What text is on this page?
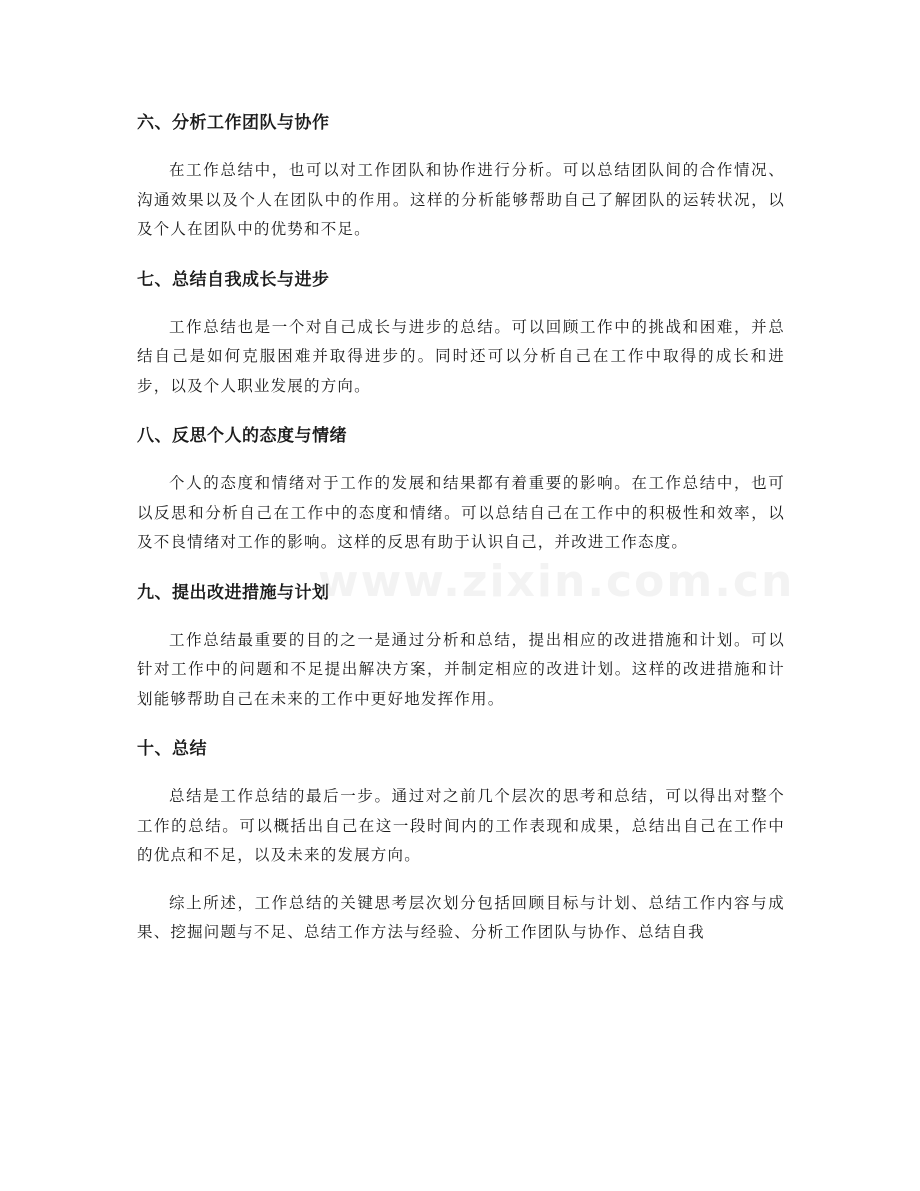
六、分析工作团队与协作

在工作总结中，也可以对工作团队和协作进行分析。可以总结团队间的合作情况、沟通效果以及个人在团队中的作用。这样的分析能够帮助自己了解团队的运转状况，以及个人在团队中的优势和不足。

七、总结自我成长与进步

工作总结也是一个对自己成长与进步的总结。可以回顾工作中的挑战和困难，并总结自己是如何克服困难并取得进步的。同时还可以分析自己在工作中取得的成长和进步，以及个人职业发展的方向。

八、反思个人的态度与情绪

个人的态度和情绪对于工作的发展和结果都有着重要的影响。在工作总结中，也可以反思和分析自己在工作中的态度和情绪。可以总结自己在工作中的积极性和效率，以及不良情绪对工作的影响。这样的反思有助于认识自己，并改进工作态度。

九、提出改进措施与计划

工作总结最重要的目的之一是通过分析和总结，提出相应的改进措施和计划。可以针对工作中的问题和不足提出解决方案，并制定相应的改进计划。这样的改进措施和计划能够帮助自己在未来的工作中更好地发挥作用。

十、总结

总结是工作总结的最后一步。通过对之前几个层次的思考和总结，可以得出对整个工作的总结。可以概括出自己在这一段时间内的工作表现和成果，总结出自己在工作中的优点和不足，以及未来的发展方向。

综上所述，工作总结的关键思考层次划分包括回顾目标与计划、总结工作内容与成果、挖掘问题与不足、总结工作方法与经验、分析工作团队与协作、总结自我

www.zixin.com.cn
